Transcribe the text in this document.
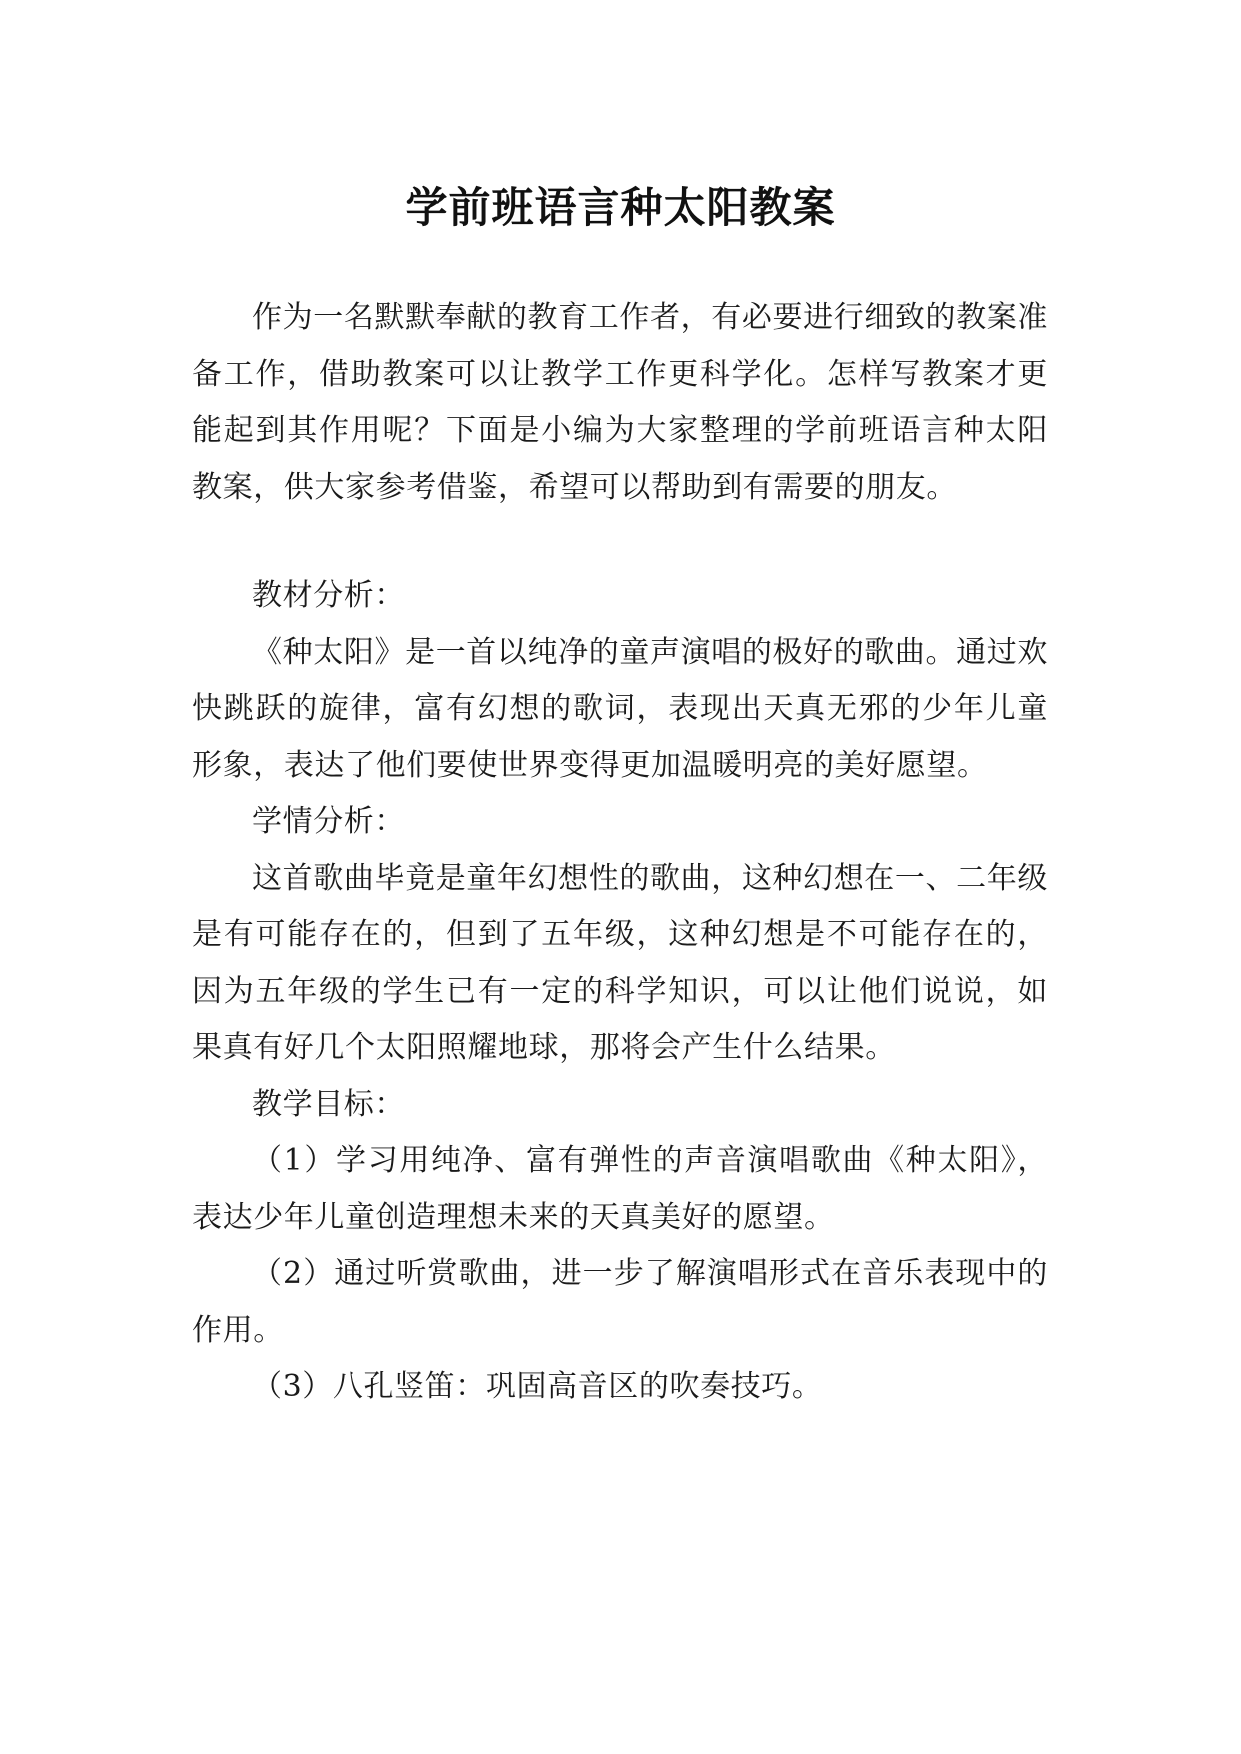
学前班语言种太阳教案

作为一名默默奉献的教育工作者，有必要进行细致的教案准备工作，借助教案可以让教学工作更科学化。怎样写教案才更能起到其作用呢？下面是小编为大家整理的学前班语言种太阳教案，供大家参考借鉴，希望可以帮助到有需要的朋友。

教材分析：

《种太阳》是一首以纯净的童声演唱的极好的歌曲。通过欢快跳跃的旋律，富有幻想的歌词，表现出天真无邪的少年儿童形象，表达了他们要使世界变得更加温暖明亮的美好愿望。

学情分析：

这首歌曲毕竟是童年幻想性的歌曲，这种幻想在一、二年级是有可能存在的，但到了五年级，这种幻想是不可能存在的，因为五年级的学生已有一定的科学知识，可以让他们说说，如果真有好几个太阳照耀地球，那将会产生什么结果。

教学目标：

（1）学习用纯净、富有弹性的声音演唱歌曲《种太阳》，表达少年儿童创造理想未来的天真美好的愿望。

（2）通过听赏歌曲，进一步了解演唱形式在音乐表现中的作用。

（3）八孔竖笛：巩固高音区的吹奏技巧。
